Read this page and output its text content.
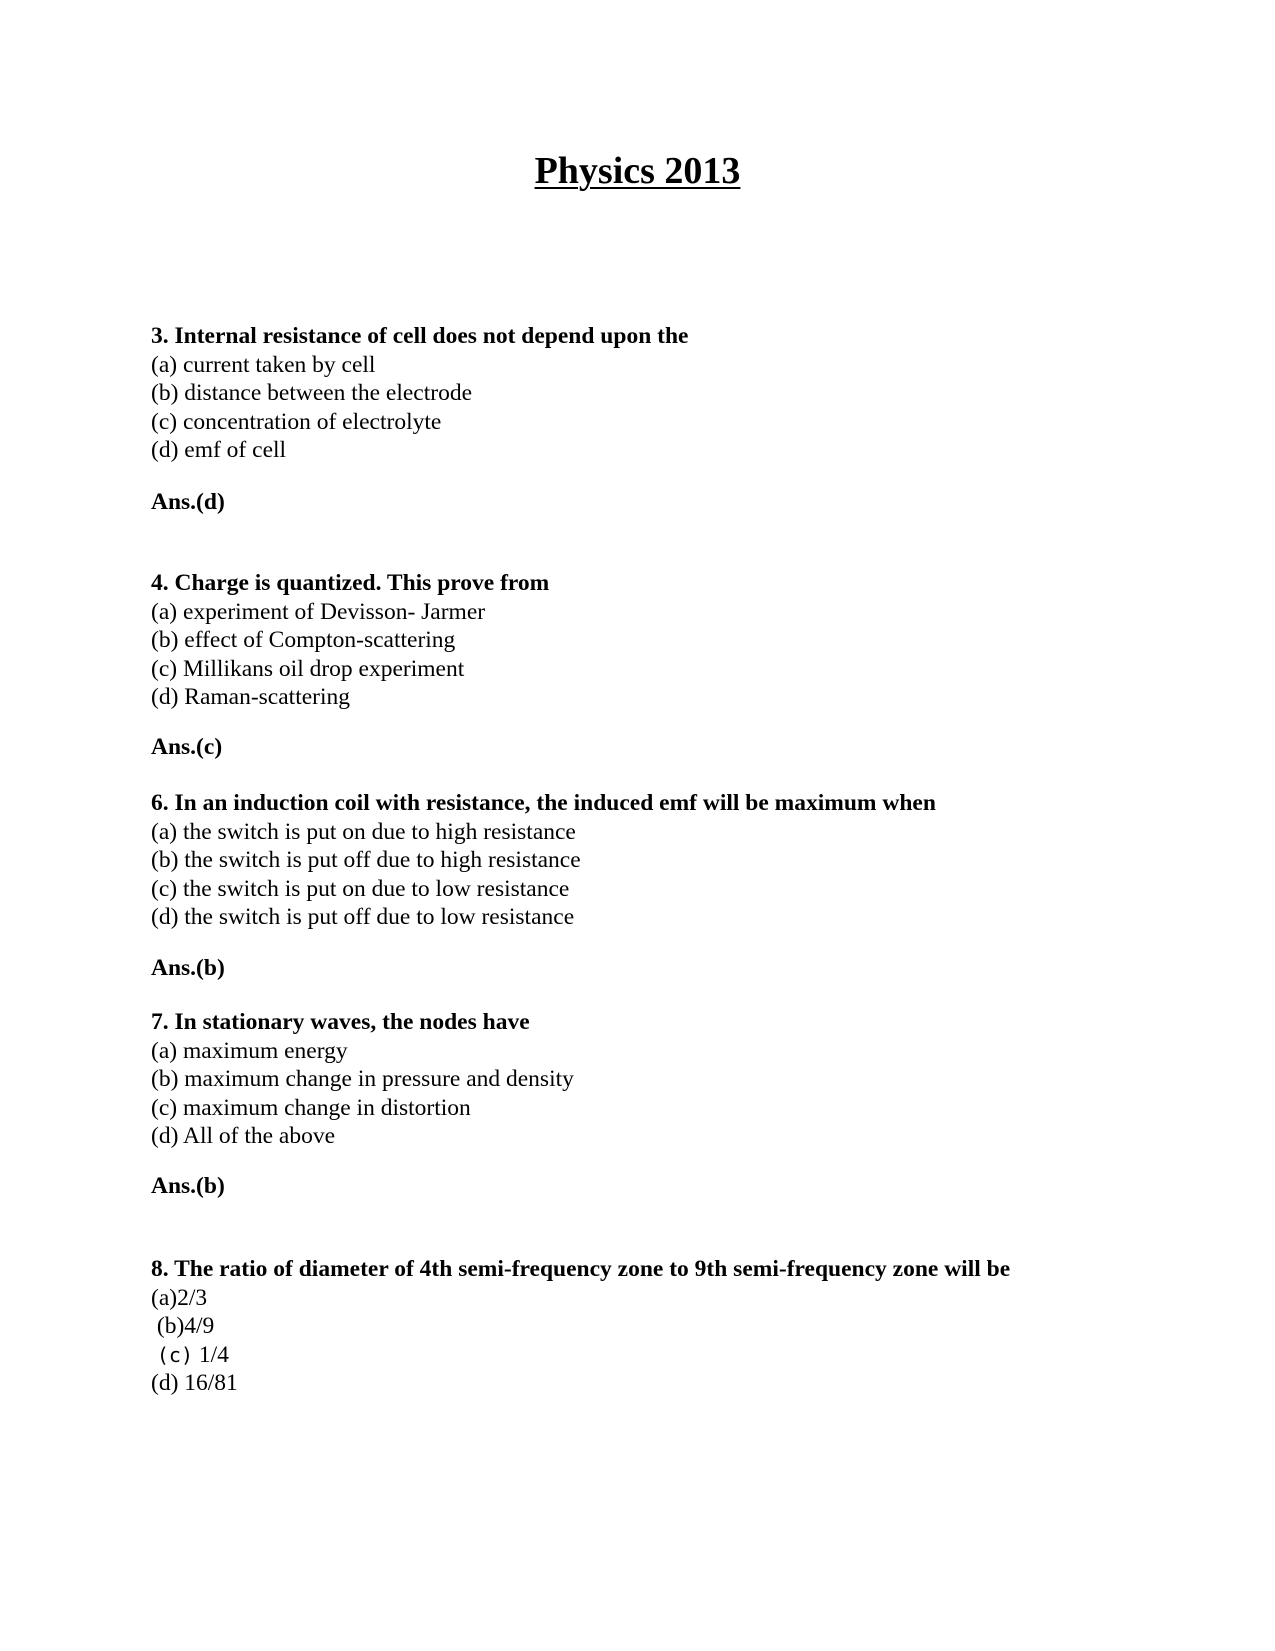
Physics 2013
3. Internal resistance of cell does not depend upon the
(a) current taken by cell
(b) distance between the electrode
(c) concentration of electrolyte
(d) emf of cell
Ans.(d)
4. Charge is quantized. This prove from
(a) experiment of Devisson- Jarmer
(b) effect of Compton-scattering
(c) Millikans oil drop experiment
(d) Raman-scattering
Ans.(c)
6. In an induction coil with resistance, the induced emf will be maximum when
(a) the switch is put on due to high resistance
(b) the switch is put off due to high resistance
(c) the switch is put on due to low resistance
(d) the switch is put off due to low resistance
Ans.(b)
7. In stationary waves, the nodes have
(a) maximum energy
(b) maximum change in pressure and density
(c) maximum change in distortion
(d) All of the above
Ans.(b)
8. The ratio of diameter of 4th semi-frequency zone to 9th semi-frequency zone will be
(a)2/3
(b)4/9
(c) 1/4
(d) 16/81
